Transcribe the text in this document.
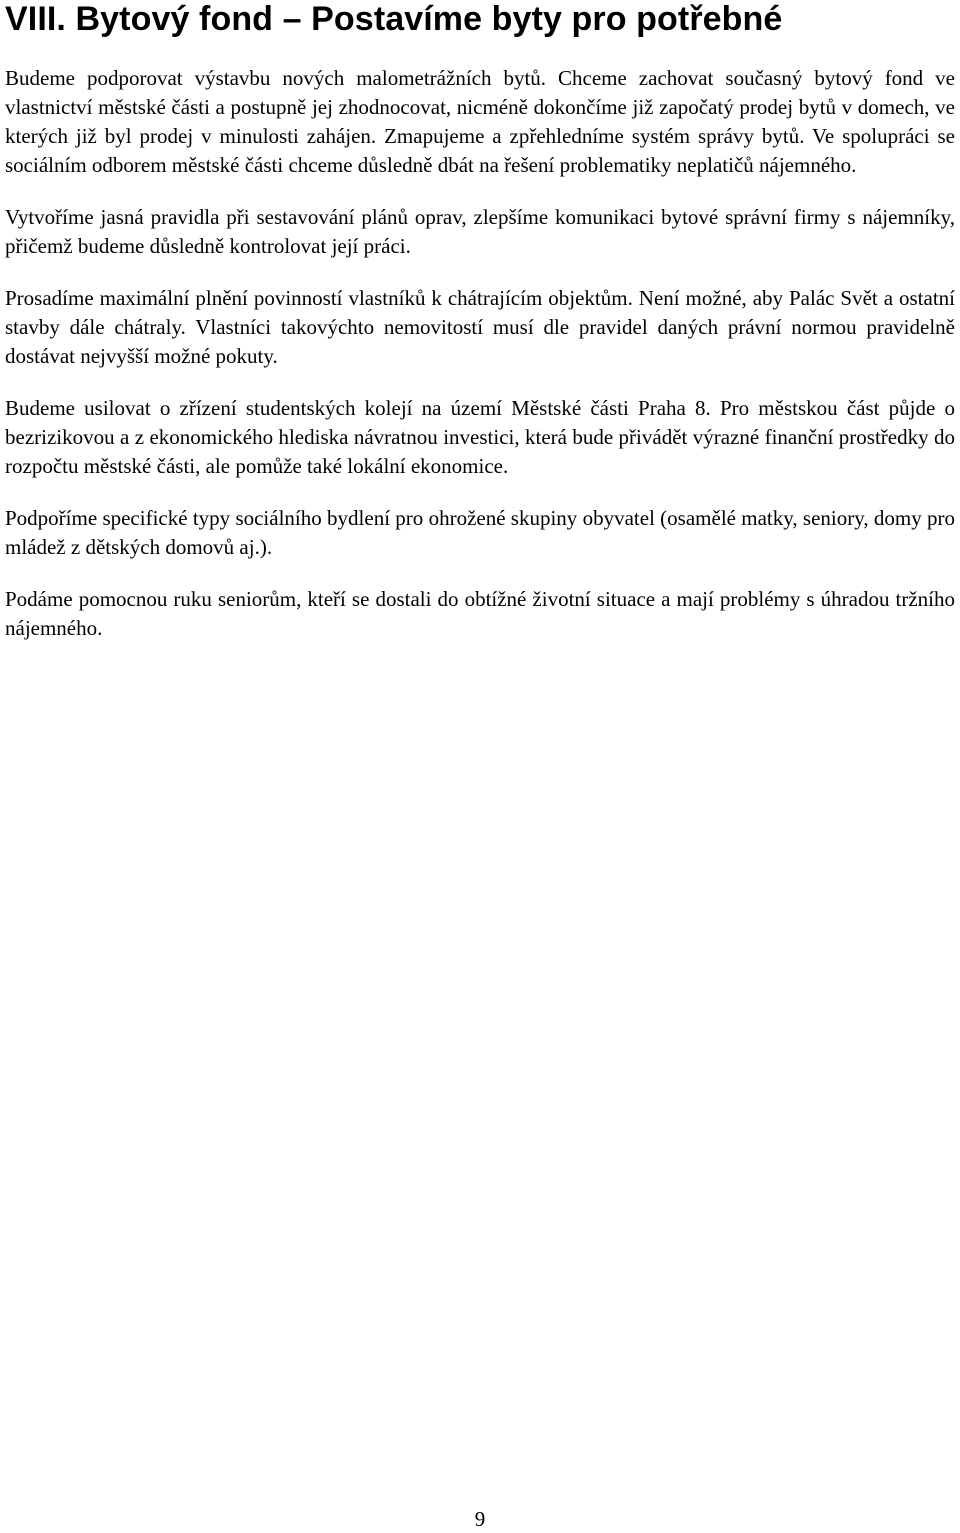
VIII. Bytový fond – Postavíme byty pro potřebné

Budeme podporovat výstavbu nových malometrážních bytů. Chceme zachovat současný bytový fond ve vlastnictví městské části a postupně jej zhodnocovat, nicméně dokončíme již započatý prodej bytů v domech, ve kterých již byl prodej v minulosti zahájen. Zmapujeme a zpřehledníme systém správy bytů. Ve spolupráci se sociálním odborem městské části chceme důsledně dbát na řešení problematiky neplatičů nájemného.

Vytvoříme jasná pravidla při sestavování plánů oprav, zlepšíme komunikaci bytové správní firmy s nájemníky, přičemž budeme důsledně kontrolovat její práci.

Prosadíme maximální plnění povinností vlastníků k chátrajícím objektům. Není možné, aby Palác Svět a ostatní stavby dále chátraly. Vlastníci takovýchto nemovitostí musí dle pravidel daných právní normou pravidelně dostávat nejvyšší možné pokuty.

Budeme usilovat o zřízení studentských kolejí na území Městské části Praha 8. Pro městskou část půjde o bezrizikovou a z ekonomického hlediska návratnou investici, která bude přivádět výrazné finanční prostředky do rozpočtu městské části, ale pomůže také lokální ekonomice.

Podpoříme specifické typy sociálního bydlení pro ohrožené skupiny obyvatel (osamělé matky, seniory, domy pro mládež z dětských domovů aj.).

Podáme pomocnou ruku seniorům, kteří se dostali do obtížné životní situace a mají problémy s úhradou tržního nájemného.

9
